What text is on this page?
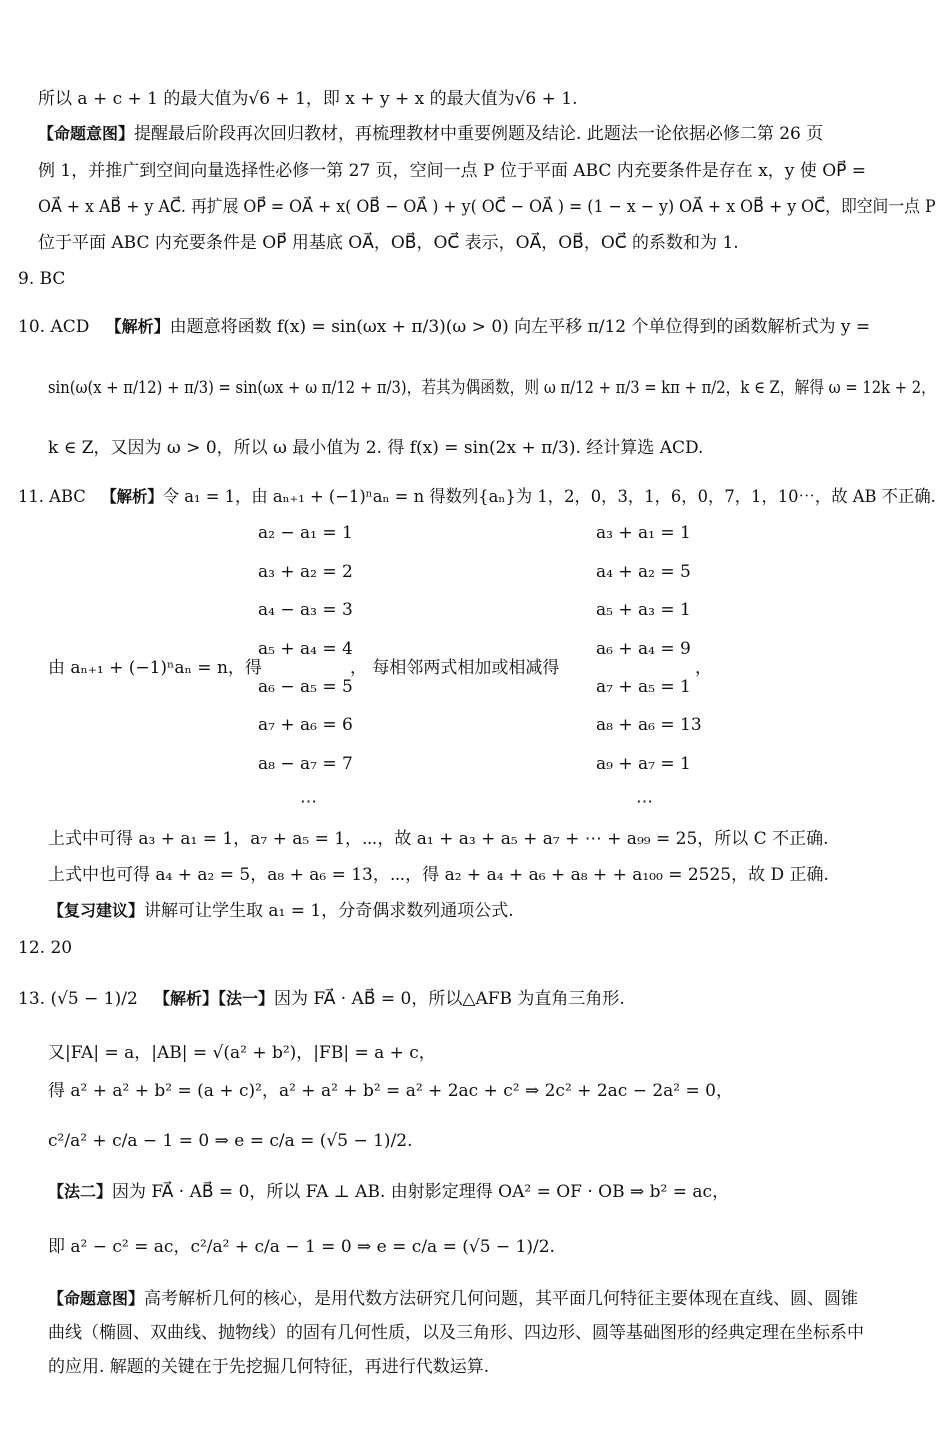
所以 a + c + 1 的最大值为√6 + 1，即 x + y + x 的最大值为√6 + 1.
【命题意图】提醒最后阶段再次回归教材，再梳理教材中重要例题及结论. 此题法一论依据必修二第 26 页
例 1，并推广到空间向量选择性必修一第 27 页，空间一点 P 位于平面 ABC 内充要条件是存在 x，y 使 OP⃗ =
OA⃗ + x AB⃗ + y AC⃗. 再扩展 OP⃗ = OA⃗ + x( OB⃗ − OA⃗ ) + y( OC⃗ − OA⃗ ) = (1 − x − y) OA⃗ + x OB⃗ + y OC⃗，即空间一点 P
位于平面 ABC 内充要条件是 OP⃗ 用基底 OA⃗，OB⃗，OC⃗ 表示，OA⃗，OB⃗，OC⃗ 的系数和为 1.
9. BC
10. ACD 【解析】由题意将函数 f(x) = sin(ωx + π/3)(ω > 0) 向左平移 π/12 个单位得到的函数解析式为 y =
sin(ω(x + π/12) + π/3) = sin(ωx + ω π/12 + π/3)，若其为偶函数，则 ω π/12 + π/3 = kπ + π/2，k ∈ Z，解得 ω = 12k + 2，
k ∈ Z，又因为 ω > 0，所以 ω 最小值为 2. 得 f(x) = sin(2x + π/3). 经计算选 ACD.
11. ABC 【解析】令 a₁ = 1，由 aₙ₊₁ + (−1)ⁿaₙ = n 得数列{aₙ}为 1，2，0，3，1，6，0，7，1，10⋯，故 AB 不正确.
a₂ − a₁ = 1
a₃ + a₂ = 2
a₄ − a₃ = 3
a₅ + a₄ = 4
a₆ − a₅ = 5
a₇ + a₆ = 6
a₈ − a₇ = 7
⋯
由 aₙ₊₁ + (−1)ⁿaₙ = n，得	， 每相邻两式相加或相减得	，
a₃ + a₁ = 1
a₄ + a₂ = 5
a₅ + a₃ = 1
a₆ + a₄ = 9
a₇ + a₅ = 1
a₈ + a₆ = 13
a₉ + a₇ = 1
⋯
上式中可得 a₃ + a₁ = 1，a₇ + a₅ = 1，⋯，故 a₁ + a₃ + a₅ + a₇ + ⋯ + a₉₉ = 25，所以 C 不正确.
上式中也可得 a₄ + a₂ = 5，a₈ + a₆ = 13，⋯，得 a₂ + a₄ + a₆ + a₈ + + a₁₀₀ = 2525，故 D 正确.
【复习建议】讲解可让学生取 a₁ = 1，分奇偶求数列通项公式.
12. 20
13. (√5 − 1)/2 【解析】【法一】因为 FA⃗ · AB⃗ = 0，所以△AFB 为直角三角形.
又|FA| = a，|AB| = √(a² + b²)，|FB| = a + c，
得 a² + a² + b² = (a + c)²，a² + a² + b² = a² + 2ac + c² ⇒ 2c² + 2ac − 2a² = 0，
c²/a² + c/a − 1 = 0 ⇒ e = c/a = (√5 − 1)/2.
【法二】因为 FA⃗ · AB⃗ = 0，所以 FA ⊥ AB. 由射影定理得 OA² = OF · OB ⇒ b² = ac，
即 a² − c² = ac，c²/a² + c/a − 1 = 0 ⇒ e = c/a = (√5 − 1)/2.
【命题意图】高考解析几何的核心，是用代数方法研究几何问题，其平面几何特征主要体现在直线、圆、圆锥
曲线（椭圆、双曲线、抛物线）的固有几何性质，以及三角形、四边形、圆等基础图形的经典定理在坐标系中
的应用. 解题的关键在于先挖掘几何特征，再进行代数运算.
